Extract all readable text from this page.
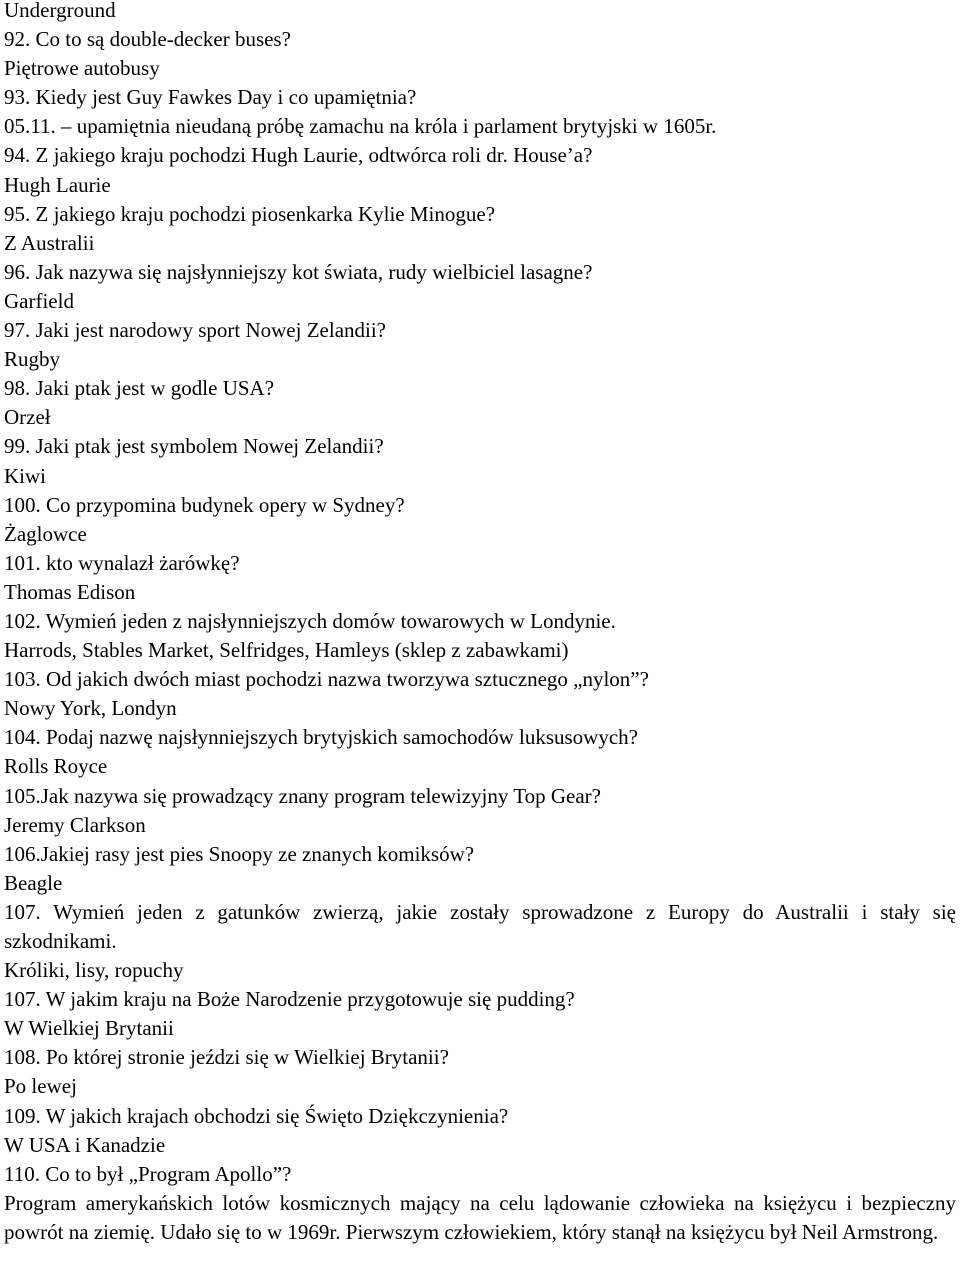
Underground
92. Co to są double-decker buses?
Piętrowe autobusy
93. Kiedy jest Guy Fawkes Day i co upamiętnia?
05.11. – upamiętnia nieudaną próbę zamachu na króla i parlament brytyjski w 1605r.
94. Z jakiego kraju pochodzi Hugh Laurie, odtwórca roli dr. House’a?
Hugh Laurie
95. Z jakiego kraju pochodzi piosenkarka Kylie Minogue?
Z Australii
96. Jak nazywa się najsłynniejszy kot świata, rudy wielbiciel lasagne?
Garfield
97. Jaki jest narodowy sport Nowej Zelandii?
Rugby
98. Jaki ptak jest w godle USA?
Orzeł
99. Jaki ptak jest symbolem Nowej Zelandii?
Kiwi
100. Co przypomina budynek opery w Sydney?
Żaglowce
101. kto wynalazł żarówkę?
Thomas Edison
102. Wymień jeden z najsłynniejszych domów towarowych w Londynie.
Harrods, Stables Market, Selfridges, Hamleys (sklep z zabawkami)
103. Od jakich dwóch miast pochodzi nazwa tworzywa sztucznego „nylon”?
Nowy York, Londyn
104. Podaj nazwę najsłynniejszych brytyjskich samochodów luksusowych?
Rolls Royce
105.Jak nazywa się prowadzący znany program telewizyjny Top Gear?
Jeremy Clarkson
106.Jakiej rasy jest pies Snoopy ze znanych komiksów?
Beagle
107. Wymień jeden z gatunków zwierzą, jakie zostały sprowadzone z Europy do Australii i stały się szkodnikami.
Króliki, lisy, ropuchy
107. W jakim kraju na Boże Narodzenie przygotowuje się pudding?
W Wielkiej Brytanii
108. Po której stronie jeździ się w Wielkiej Brytanii?
Po lewej
109. W jakich krajach obchodzi się Święto Dziękczynienia?
W USA i Kanadzie
110. Co to był „Program Apollo”?
Program amerykańskich lotów kosmicznych mający na celu lądowanie człowieka na księżycu i bezpieczny powrót na ziemię. Udało się to w 1969r. Pierwszym człowiekiem, który stanął na księżycu był Neil Armstrong.
